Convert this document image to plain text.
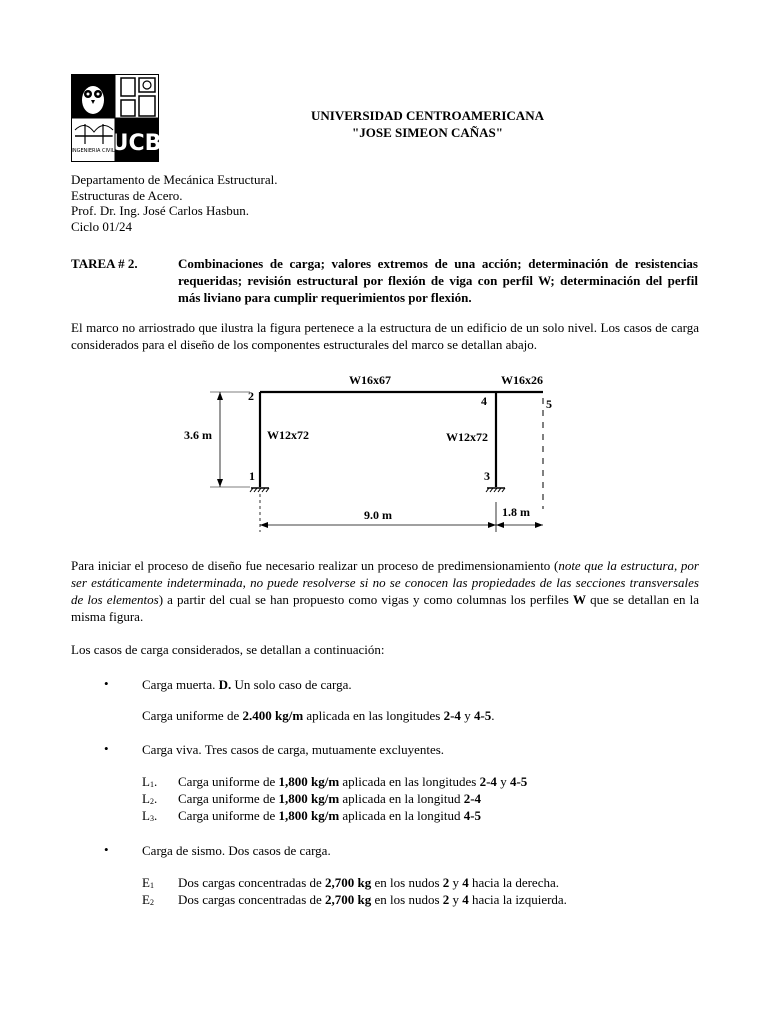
INGENIERIA CIVIL
UCB
UNIVERSIDAD CENTROAMERICANA
"JOSE SIMEON CAÑAS"
Departamento de Mecánica Estructural.
Estructuras de Acero.
Prof. Dr. Ing. José Carlos Hasbun.
Ciclo 01/24
TAREA # 2.	Combinaciones de carga; valores extremos de una acción; determinación de resistencias requeridas; revisión estructural por flexión de viga con perfil W; determinación del perfil más liviano para cumplir requerimientos por flexión.
El marco no arriostrado que ilustra la figura pertenece a la estructura de un edificio de un solo nivel. Los casos de carga considerados para el diseño de los componentes estructurales del marco se detallan abajo.
W16x67	W16x26
W12x72	W12x72
3.6 m
9.0 m	1.8 m
1
2
3
4	5
Para iniciar el proceso de diseño fue necesario realizar un proceso de predimensionamiento (note que la estructura, por ser estáticamente indeterminada, no puede resolverse si no se conocen las propiedades de las secciones transversales de los elementos) a partir del cual se han propuesto como vigas y como columnas los perfiles W que se detallan en la misma figura.
Los casos de carga considerados, se detallan a continuación:
•	Carga muerta. D. Un solo caso de carga.
Carga uniforme de 2.400 kg/m aplicada en las longitudes 2-4 y 4-5.
•	Carga viva. Tres casos de carga, mutuamente excluyentes.
$L_1$. Carga uniforme de 1,800 kg/m aplicada en las longitudes 2-4 y 4-5
$L_2$. Carga uniforme de 1,800 kg/m aplicada en la longitud 2-4
$L_3$. Carga uniforme de 1,800 kg/m aplicada en la longitud 4-5
•	Carga de sismo. Dos casos de carga.
$E_1$ Dos cargas concentradas de 2,700 kg en los nudos 2 y 4 hacia la derecha.
$E_2$ Dos cargas concentradas de 2,700 kg en los nudos 2 y 4 hacia la izquierda.
